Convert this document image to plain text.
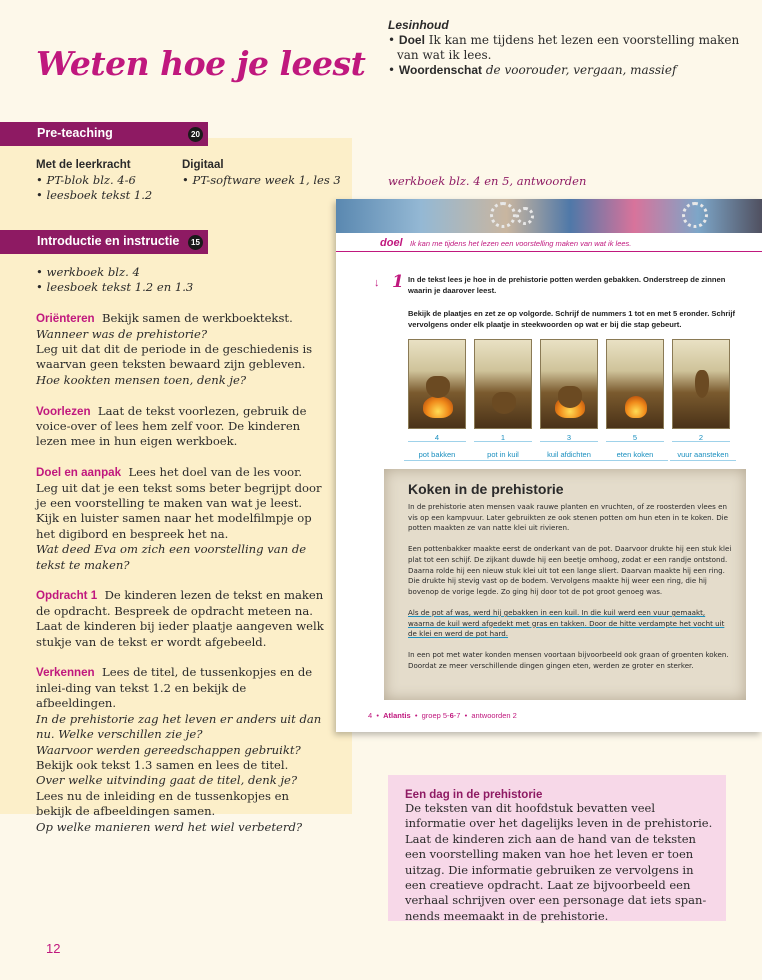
Weten hoe je leest
Lesinhoud
• Doel Ik kan me tijdens het lezen een voorstelling maken van wat ik lees.
• Woordenschat de voorouder, vergaan, massief
Pre-teaching	20
Met de leerkracht
• PT-blok blz. 4-6
• leesboek tekst 1.2
Digitaal
• PT-software week 1, les 3
Introductie en instructie	15

• werkboek blz. 4
• leesboek tekst 1.2 en 1.3

Oriënteren Bekijk samen de werkboektekst.
Wanneer was de prehistorie?
Leg uit dat dit de periode in de geschiedenis is waarvan geen teksten bewaard zijn gebleven.
Hoe kookten mensen toen, denk je?

Voorlezen Laat de tekst voorlezen, gebruik de voice-over of lees hem zelf voor. De kinderen lezen mee in hun eigen werkboek.

Doel en aanpak Lees het doel van de les voor.
Leg uit dat je een tekst soms beter begrijpt door je een voorstelling te maken van wat je leest.
Kijk en luister samen naar het modelfilmpje op het digibord en bespreek het na.
Wat deed Eva om zich een voorstelling van de tekst te maken?

Opdracht 1 De kinderen lezen de tekst en maken de opdracht. Bespreek de opdracht meteen na. Laat de kinderen bij ieder plaatje aangeven welk stukje van de tekst er wordt afgebeeld.

Verkennen Lees de titel, de tussenkopjes en de inlei-ding van tekst 1.2 en bekijk de afbeeldingen.
In de prehistorie zag het leven er anders uit dan nu. Welke verschillen zie je?
Waarvoor werden gereedschappen gebruikt?
Bekijk ook tekst 1.3 samen en lees de titel.
Over welke uitvinding gaat de titel, denk je?
Lees nu de inleiding en de tussenkopjes en bekijk de afbeeldingen samen.
Op welke manieren werd het wiel verbeterd?

werkboek blz. 4 en 5, antwoorden
doel Ik kan me tijdens het lezen een voorstelling maken van wat ik lees.
↓ 1 In de tekst lees je hoe in de prehistorie potten werden gebakken. Onderstreep de zinnen waarin je daarover leest.
Bekijk de plaatjes en zet ze op volgorde. Schrijf de nummers 1 tot en met 5 eronder. Schrijf vervolgens onder elk plaatje in steekwoorden op wat er bij die stap gebeurt.
4	1	3	5	2
pot bakken	pot in kuil	kuil afdichten	eten koken	vuur aansteken
Koken in de prehistorie

In de prehistorie aten mensen vaak rauwe planten en vruchten, of ze roosterden vlees en vis op een kampvuur. Later gebruikten ze ook stenen potten om hun eten in te koken. Die potten maakten ze van natte klei uit rivieren.

Een pottenbakker maakte eerst de onderkant van de pot. Daarvoor drukte hij een stuk klei plat tot een schijf. De zijkant duwde hij een beetje omhoog, zodat er een randje ontstond. Daarna rolde hij een nieuw stuk klei uit tot een lange sliert. Daarvan maakte hij een ring. Die drukte hij stevig vast op de bodem. Vervolgens maakte hij weer een ring, die hij bovenop de vorige legde. Zo ging hij door tot de pot groot genoeg was.

Als de pot af was, werd hij gebakken in een kuil. In die kuil werd een vuur gemaakt, waarna de kuil werd afgedekt met gras en takken. Door de hitte verdampte het vocht uit de klei en werd de pot hard.

In een pot met water konden mensen voortaan bijvoorbeeld ook graan of groenten koken. Doordat ze meer verschillende dingen gingen eten, werden ze groter en sterker.

4  •  Atlantis  •  groep 5-6-7  •  antwoorden 2
Een dag in de prehistorie
De teksten van dit hoofdstuk bevatten veel informatie over het dagelijks leven in de prehistorie. Laat de kinderen zich aan de hand van de teksten een voorstelling maken van hoe het leven er toen uitzag. Die informatie gebruiken ze vervolgens in een creatieve opdracht. Laat ze bijvoorbeeld een verhaal schrijven over een personage dat iets span-nends meemaakt in de prehistorie.
12
